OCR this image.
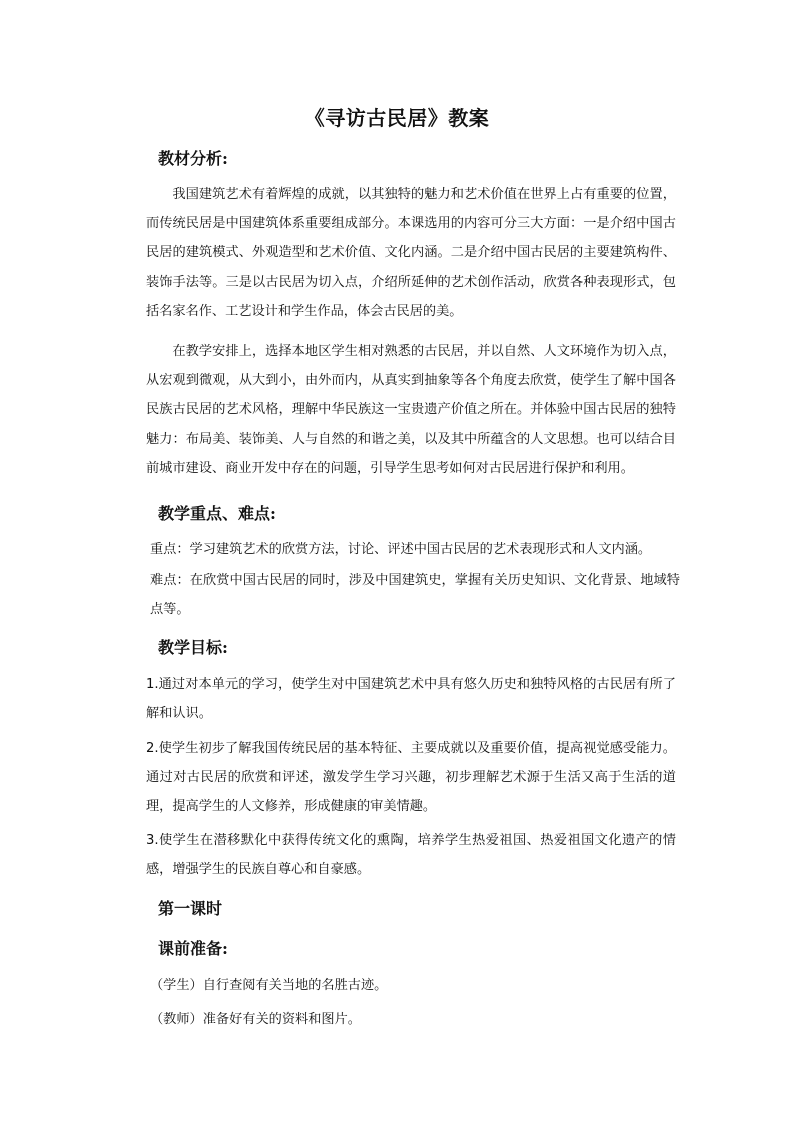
《寻访古民居》教案
教材分析:
我国建筑艺术有着辉煌的成就，以其独特的魅力和艺术价值在世界上占有重要的位置，而传统民居是中国建筑体系重要组成部分。本课选用的内容可分三大方面：一是介绍中国古民居的建筑模式、外观造型和艺术价值、文化内涵。二是介绍中国古民居的主要建筑构件、装饰手法等。三是以古民居为切入点，介绍所延伸的艺术创作活动，欣赏各种表现形式，包括名家名作、工艺设计和学生作品，体会古民居的美。
在教学安排上，选择本地区学生相对熟悉的古民居，并以自然、人文环境作为切入点，从宏观到微观，从大到小，由外而内，从真实到抽象等各个角度去欣赏，使学生了解中国各民族古民居的艺术风格，理解中华民族这一宝贵遗产价值之所在。并体验中国古民居的独特魅力：布局美、装饰美、人与自然的和谐之美，以及其中所蕴含的人文思想。也可以结合目前城市建设、商业开发中存在的问题，引导学生思考如何对古民居进行保护和利用。
教学重点、难点:
重点：学习建筑艺术的欣赏方法，讨论、评述中国古民居的艺术表现形式和人文内涵。
难点：在欣赏中国古民居的同时，涉及中国建筑史，掌握有关历史知识、文化背景、地域特点等。
教学目标:
1.通过对本单元的学习，使学生对中国建筑艺术中具有悠久历史和独特风格的古民居有所了解和认识。
2.使学生初步了解我国传统民居的基本特征、主要成就以及重要价值，提高视觉感受能力。通过对古民居的欣赏和评述，激发学生学习兴趣，初步理解艺术源于生活又高于生活的道理，提高学生的人文修养，形成健康的审美情趣。
3.使学生在潜移默化中获得传统文化的熏陶，培养学生热爱祖国、热爱祖国文化遗产的情感，增强学生的民族自尊心和自豪感。
第一课时
课前准备:
（学生）自行查阅有关当地的名胜古迹。
（教师）准备好有关的资料和图片。
